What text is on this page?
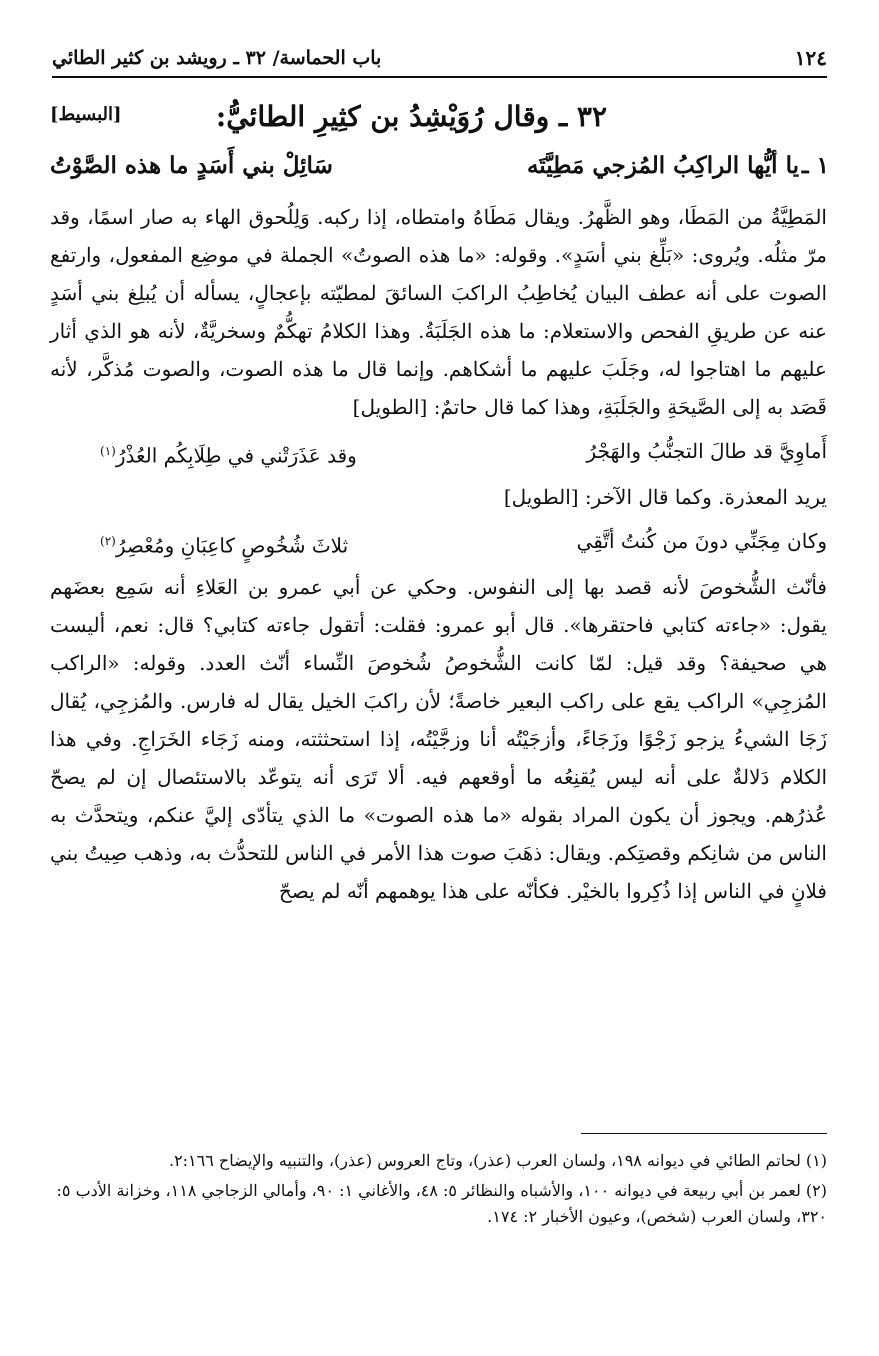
١٢٤
باب الحماسة/ ٣٢ ـ رويشد بن كثير الطائي
٣٢ ـ وقال رُوَيْشِدُ بن كثِيرِ الطائيُّ:
[البسيط]
١ ـ
يا أيُّها الراكِبُ المُزجي مَطِيَّتَه
سَائِلْ بني أَسَدٍ ما هذه الصَّوْتُ

المَطِيَّةُ من المَطَا، وهو الظَّهرُ. ويقال مَطَاهُ وامتطاه، إذا ركبه. وَلِلُحوق الهاء به صار اسمًا، وقد مرّ مثلُه. ويُروى: «بَلِّغ بني أسَدٍ». وقوله: «ما هذه الصوتُ» الجملة في موضِع المفعول، وارتفع الصوت على أنه عطف البيان يُخاطِبُ الراكبَ السائقَ لمطيّته بإعجالٍ، يسأله أن يُبلِغ بني أسَدٍ عنه عن طريقِ الفحص والاستعلام: ما هذه الجَلَبَةُ. وهذا الكلامُ تهكُّمٌ وسخريَّةٌ، لأنه هو الذي أثار عليهم ما اهتاجوا له، وجَلَبَ عليهم ما أشكاهم. وإنما قال ما هذه الصوت، والصوت مُذكَّر، لأنه قَصَد به إلى الصَّيحَةِ والجَلَبَةِ، وهذا كما قال حاتمٌ: [الطويل]

أَماوِيَّ قد طالَ التجنُّبُ والهَجْرُ
وقد عَذَرَتْني في طِلَابِكُم العُذْرُ$^{(١)}$

يريد المعذرة. وكما قال الآخر: [الطويل]

وكان مِجَنِّي دونَ من كُنتُ أتَّقِي
ثلاثَ شُخُوصٍ كاعِبَانِ ومُعْصِرُ$^{(٢)}$

فأنّث الشُّخوصَ لأنه قصد بها إلى النفوس. وحكي عن أبي عمرو بن العَلاءِ أنه سَمِع بعضَهم يقول: «جاءته كتابي فاحتقرها». قال أبو عمرو: فقلت: أتقول جاءته كتابي؟ قال: نعم، أليست هي صحيفة؟ وقد قيل: لمّا كانت الشُّخوصُ شُخوصَ النِّساء أنّث العدد. وقوله: «الراكب المُزجِي» الراكب يقع على راكب البعير خاصةً؛ لأن راكبَ الخيل يقال له فارس. والمُزجِي، يُقال زَجَا الشيءُ يزجو زَجْوًا وزَجَاءً، وأزجَيْتُه أنا وزجَّيْتُه، إذا استحثثته، ومنه زَجَاء الخَرَاجِ. وفي هذا الكلام دَلالةٌ على أنه ليس يُقنِعُه ما أوقعهم فيه. ألا تَرَى أنه يتوعّد بالاستئصال إن لم يصحّ عُذرُهم. ويجوز أن يكون المراد بقوله «ما هذه الصوت» ما الذي يتأدّى إليَّ عنكم، ويتحدَّث به الناس من شانِكم وقصتِكم. ويقال: ذهَبَ صوت هذا الأمر في الناس للتحدُّث به، وذهب صِيتُ بني فلانٍ في الناس إذا ذُكِروا بالخيْر. فكأنّه على هذا يوهمهم أنّه لم يصحّ

(١) لحاتم الطائي في ديوانه ١٩٨، ولسان العرب (عذر)، وتاج العروس (عذر)، والتنبيه والإيضاح ٢:١٦٦.
(٢) لعمر بن أبي ربيعة في ديوانه ١٠٠، والأشباه والنظائر ٥: ٤٨، والأغاني ١: ٩٠، وأمالي الزجاجي ١١٨، وخزانة الأدب ٥: ٣٢٠، ولسان العرب (شخص)، وعيون الأخبار ٢: ١٧٤.
